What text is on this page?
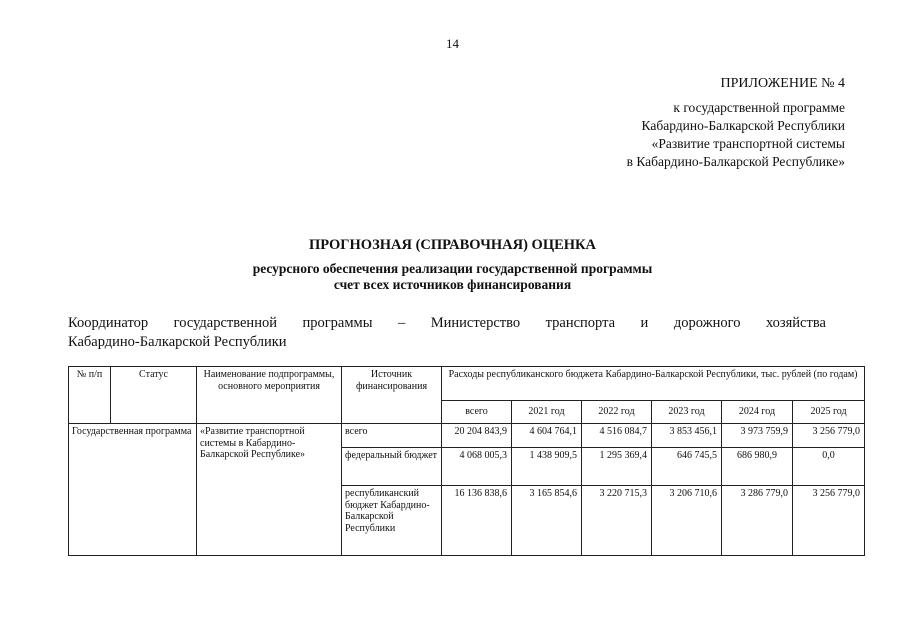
14
ПРИЛОЖЕНИЕ № 4
к государственной программе
Кабардино-Балкарской Республики
«Развитие транспортной системы
в Кабардино-Балкарской Республике»
ПРОГНОЗНАЯ (СПРАВОЧНАЯ) ОЦЕНКА
ресурсного обеспечения реализации государственной программы
счет всех источников финансирования
Координатор государственной программы – Министерство транспорта и дорожного хозяйства
Кабардино-Балкарской Республики
№ п/п	Статус	Наименование подпрограммы, основного мероприятия	Источник финансирования	Расходы республиканского бюджета Кабардино-Балкарской Республики, тыс. рублей (по годам)					
				всего	2021 год	2022 год	2023 год	2024 год	2025 год
Государственная программа		«Развитие транспортной системы в Кабардино-Балкарской Республике»	всего	20 204 843,9	4 604 764,1	4 516 084,7	3 853 456,1	3 973 759,9	3 256 779,0
			федеральный бюджет	4 068 005,3	1 438 909,5	1 295 369,4	646 745,5	686 980,9	0,0
			республиканский бюджет Кабардино-Балкарской Республики	16 136 838,6	3 165 854,6	3 220 715,3	3 206 710,6	3 286 779,0	3 256 779,0
